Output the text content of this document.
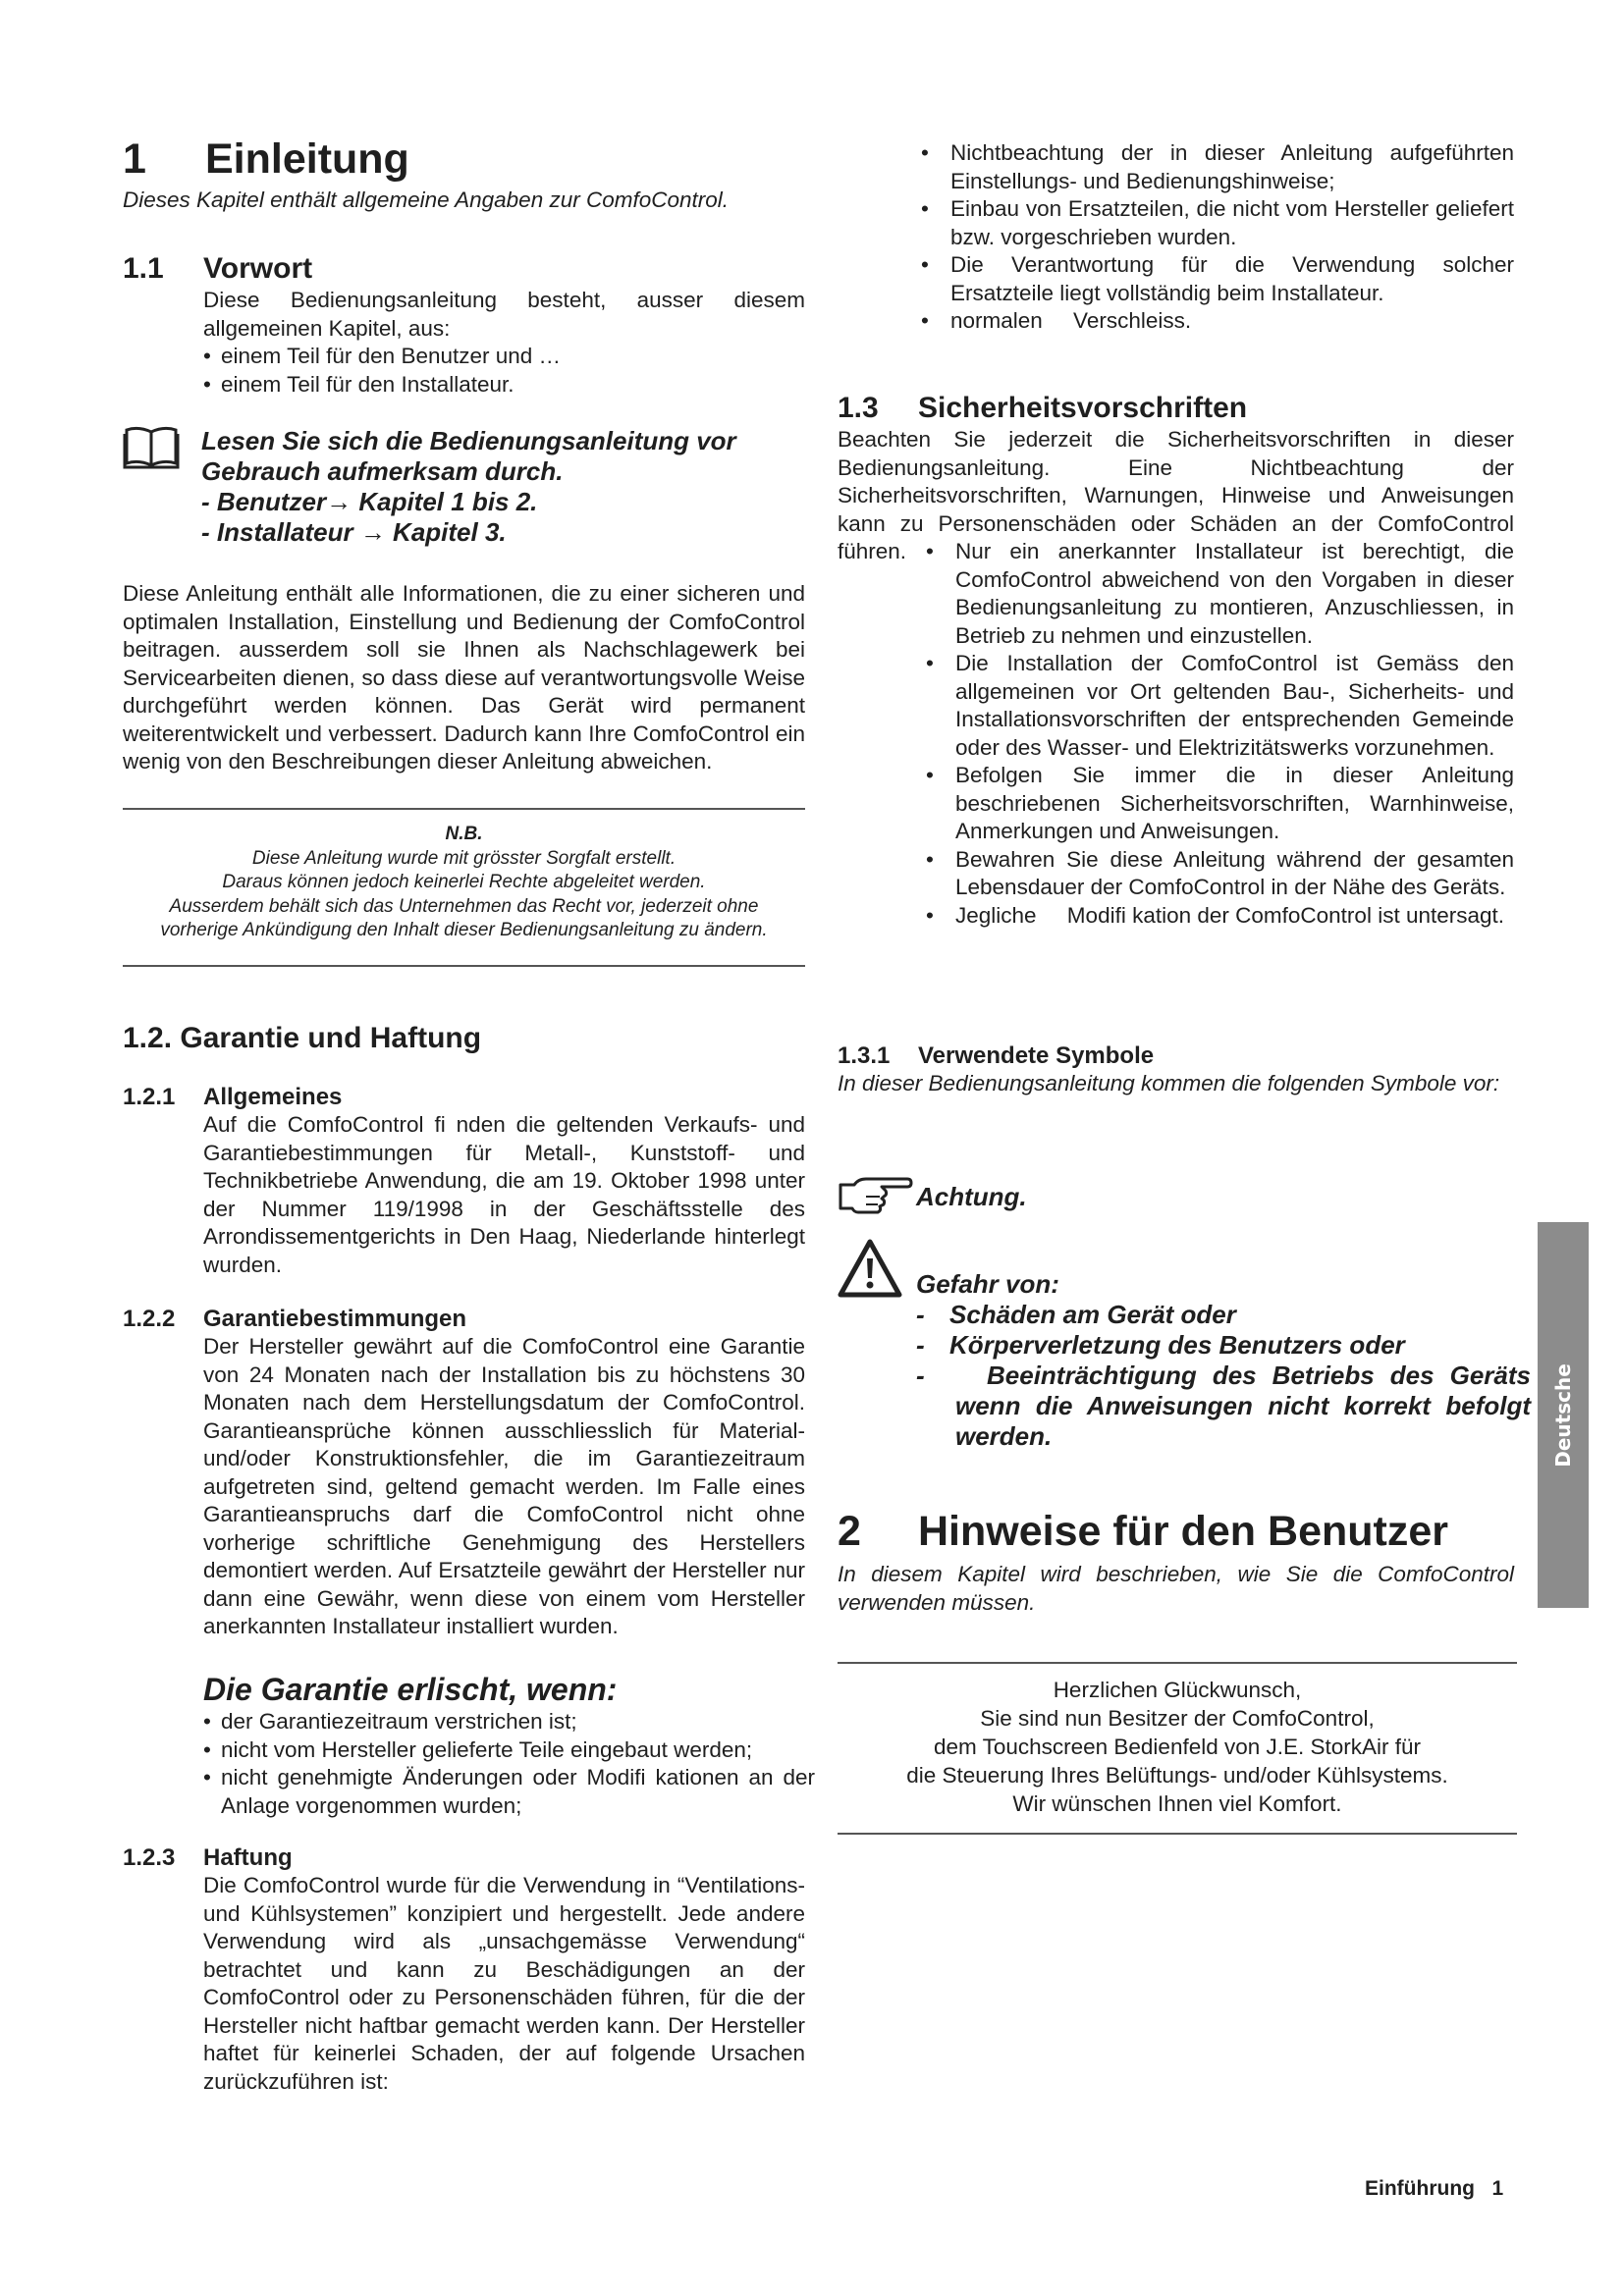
1 Einleitung
Dieses Kapitel enthält allgemeine Angaben zur ComfoControl.
1.1 Vorwort

Diese Bedienungsanleitung besteht, ausser diesem allgemeinen Kapitel, aus:

• einem Teil für den Benutzer und …
• einem Teil für den Installateur.
Lesen Sie sich die Bedienungsanleitung vor Gebrauch aufmerksam durch.
- Benutzer→ Kapitel 1 bis 2.
- Installateur → Kapitel 3.

Diese Anleitung enthält alle Informationen, die zu einer sicheren und optimalen Installation, Einstellung und Bedienung der ComfoControl beitragen. ausserdem soll sie Ihnen als Nachschlagewerk bei Servicearbeiten dienen, so dass diese auf verantwortungsvolle Weise durchgeführt werden können. Das Gerät wird permanent weiterentwickelt und verbessert. Dadurch kann Ihre ComfoControl ein wenig von den Beschreibungen dieser Anleitung abweichen.

N.B.
Diese Anleitung wurde mit grösster Sorgfalt erstellt.
Daraus können jedoch keinerlei Rechte abgeleitet werden.
Ausserdem behält sich das Unternehmen das Recht vor, jederzeit ohne
vorherige Ankündigung den Inhalt dieser Bedienungsanleitung zu ändern.
1.2. Garantie und Haftung
1.2.1 Allgemeines

Auf die ComfoControl fi nden die geltenden Verkaufs- und Garantiebestimmungen für Metall-, Kunststoff- und Technikbetriebe Anwendung, die am 19. Oktober 1998 unter der Nummer 119/1998 in der Geschäftsstelle des Arrondissementgerichts in Den Haag, Niederlande hinterlegt wurden.

1.2.2 Garantiebestimmungen

Der Hersteller gewährt auf die ComfoControl eine Garantie von 24 Monaten nach der Installation bis zu höchstens 30 Monaten nach dem Herstellungsdatum der ComfoControl. Garantieansprüche können ausschliesslich für Material- und/oder Konstruktionsfehler, die im Garantiezeitraum aufgetreten sind, geltend gemacht werden. Im Falle eines Garantieanspruchs darf die ComfoControl nicht ohne vorherige schriftliche Genehmigung des Herstellers demontiert werden. Auf Ersatzteile gewährt der Hersteller nur dann eine Gewähr, wenn diese von einem vom Hersteller anerkannten Installateur installiert wurden.

Die Garantie erlischt, wenn:
• der Garantiezeitraum verstrichen ist;
• nicht vom Hersteller gelieferte Teile eingebaut werden;
• nicht genehmigte Änderungen oder Modifi kationen an der Anlage vorgenommen wurden;
1.2.3 Haftung

Die ComfoControl wurde für die Verwendung in “Ventilations- und Kühlsystemen” konzipiert und hergestellt. Jede andere Verwendung wird als „unsachgemässe Verwendung“ betrachtet und kann zu Beschädigungen an der ComfoControl oder zu Personenschäden führen, für die der Hersteller nicht haftbar gemacht werden kann. Der Hersteller haftet für keinerlei Schaden, der auf folgende Ursachen zurückzuführen ist:

• Nichtbeachtung der in dieser Anleitung aufgeführten Einstellungs- und Bedienungshinweise;
• Einbau von Ersatzteilen, die nicht vom Hersteller geliefert bzw. vorgeschrieben wurden.
• Die Verantwortung für die Verwendung solcher Ersatzteile liegt vollständig beim Installateur.
• normalen     Verschleiss.
1.3 Sicherheitsvorschriften

Beachten Sie jederzeit die Sicherheitsvorschriften in dieser Bedienungsanleitung. Eine Nichtbeachtung der Sicherheitsvorschriften, Warnungen, Hinweise und Anweisungen kann zu Personenschäden oder Schäden an der ComfoControl führen.

•	Nur ein anerkannter Installateur ist berechtigt, die ComfoControl abweichend von den Vorgaben in dieser Bedienungsanleitung zu montieren, Anzuschliessen, in Betrieb zu nehmen und einzustellen.
• Die Installation der ComfoControl ist Gemäss den allgemeinen vor Ort geltenden Bau-, Sicherheits- und Installationsvorschriften der entsprechenden Gemeinde oder des Wasser- und Elektrizitätswerks vorzunehmen.
• Befolgen Sie immer die in dieser Anleitung beschriebenen Sicherheitsvorschriften, Warnhinweise, Anmerkungen und Anweisungen.
• Bewahren Sie diese Anleitung während der gesamten Lebensdauer der ComfoControl in der Nähe des Geräts.
• Jegliche     Modifi kation der ComfoControl ist untersagt.
1.3.1 Verwendete Symbole

In dieser Bedienungsanleitung kommen die folgenden Symbole vor:

Achtung.
Gefahr von:
- Schäden am Gerät oder
- Körperverletzung des Benutzers oder
- Beeinträchtigung des Betriebs des Geräts wenn die Anweisungen nicht korrekt befolgt werden.
2 Hinweise für den Benutzer

In diesem Kapitel wird beschrieben, wie Sie die ComfoControl verwenden müssen.

Herzlichen Glückwunsch,
Sie sind nun Besitzer der ComfoControl,
dem Touchscreen Bedienfeld von J.E. StorkAir für
die Steuerung Ihres Belüftungs- und/oder Kühlsystems.
Wir wünschen Ihnen viel Komfort.
Deutsche
Einführung 1
